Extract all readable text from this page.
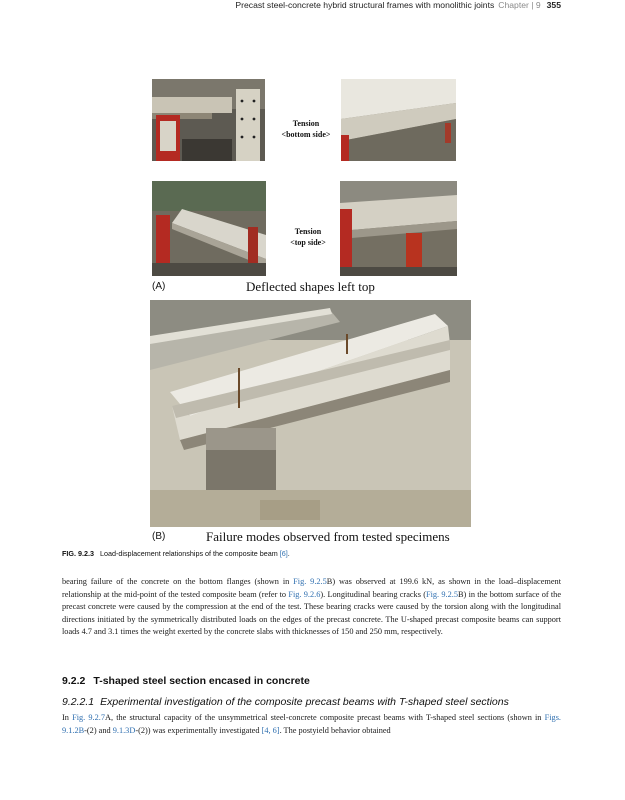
Precast steel-concrete hybrid structural frames with monolithic joints Chapter | 9 355
Tension
<bottom side>
Tension
<top side>
(A)	Deflected shapes left top
(B)	Failure modes observed from tested specimens
FIG. 9.2.3 Load-displacement relationships of the composite beam [6].
bearing failure of the concrete on the bottom flanges (shown in Fig. 9.2.5B) was observed at 199.6 kN, as shown in the load–displacement relationship at the mid-point of the tested composite beam (refer to Fig. 9.2.6). Longitudinal bearing cracks (Fig. 9.2.5B) in the bottom surface of the precast concrete were caused by the compression at the end of the test. These bearing cracks were caused by the torsion along with the longitudinal directions initiated by the symmetrically distributed loads on the edges of the precast concrete. The U-shaped precast composite beams can support loads 4.7 and 3.1 times the weight exerted by the concrete slabs with thicknesses of 150 and 250 mm, respectively.
9.2.2 T-shaped steel section encased in concrete
9.2.2.1 Experimental investigation of the composite precast beams with T-shaped steel sections
In Fig. 9.2.7A, the structural capacity of the unsymmetrical steel-concrete composite precast beams with T-shaped steel sections (shown in Figs. 9.1.2B-(2) and 9.1.3D-(2)) was experimentally investigated [4, 6]. The postyield behavior obtained
